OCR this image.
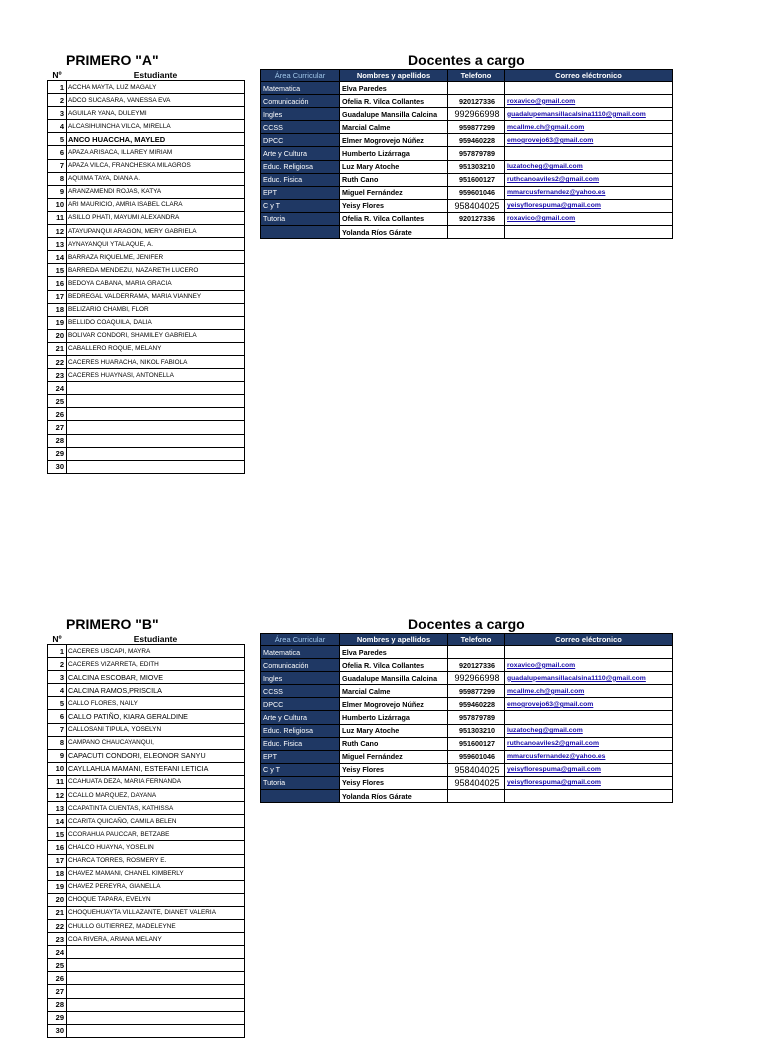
PRIMERO "A"	Docentes a cargo
Nº	Estudiante
1	ACCHA MAYTA, LUZ MAGALY
2	ADCO SUCASARA, VANESSA EVA
3	AGUILAR YANA, DULEYMI
4	ALCASIHUINCHA VILCA, MIRELLA
5	ANCO HUACCHA, MAYLED
6	APAZA ARISACA, ILLAREY MIRIAM
7	APAZA VILCA, FRANCHESKA MILAGROS
8	AQUIMA TAYA, DIANA A.
9	ARANZAMENDI ROJAS, KATYA
10	ARI MAURICIO, AMRIA ISABEL CLARA
11	ASILLO PHATI, MAYUMI ALEXANDRA
12	ATAYUPANQUI ARAGON, MERY GABRIELA
13	AYNAYANQUI YTALAQUE, A.
14	BARRAZA RIQUELME, JENIFER
15	BARREDA MENDEZU, NAZARETH LUCERO
16	BEDOYA CABANA, MARIA GRACIA
17	BEDREGAL VALDERRAMA, MARIA VIANNEY
18	BELIZARIO CHAMBI, FLOR
19	BELLIDO COAQUILA, DALIA
20	BOLIVAR CONDORI, SHAMILEY GABRIELA
21	CABALLERO ROQUE, MELANY
22	CACERES HUARACHA, NIKOL FABIOLA
23	CACERES HUAYNASI, ANTONELLA
24	
25	
26	
27	
28	
29	
30	
Área Curricular	Nombres y apellidos	Telefono	Correo eléctronico
Matematica	Elva Paredes		
Comunicación	Ofelia R. Vilca Collantes	920127336	roxavico@gmail.com
Ingles	Guadalupe Mansilla Calcina	992966998	guadalupemansillacalsina1110@gmail.com
CCSS	Marcial Calme	959877299	mcallme.ch@gmail.com
DPCC	Elmer Mogrovejo Núñez	959460228	emogrovejo63@gmail.com
Arte y Cultura	Humberto Lizárraga	957879789	
Educ. Religiosa	Luz Mary Atoche	951303210	luzatocheg@gmail.com
Educ. Fisica	Ruth Cano	951600127	ruthcanoaviles2@gmail.com
EPT	Miguel Fernández	959601046	mmarcusfernandez@yahoo.es
C y T	Yeisy Flores	958404025	yeisyflorespuma@gmail.com
Tutoria	Ofelia R. Vilca Collantes	920127336	roxavico@gmail.com
	Yolanda Ríos Gárate		
PRIMERO "B"	Docentes a cargo
Nº	Estudiante
1	CACERES USCAPI, MAYRA
2	CACERES VIZARRETA, EDITH
3	CALCINA ESCOBAR, MIOVE
4	CALCINA RAMOS,PRISCILA
5	CALLO FLORES, NAILY
6	CALLO PATIÑO, KIARA GERALDINE
7	CALLOSANI TIPULA, YOSELYN
8	CAMPANO CHAUCAYANQUI,
9	CAPACUTI CONDORI, ELEONOR SANYU
10	CAYLLAHUA MAMANI, ESTEFANI LETICIA
11	CCAHUATA DEZA, MARIA FERNANDA
12	CCALLO MARQUEZ, DAYANA
13	CCAPATINTA CUENTAS, KATHISSA
14	CCARITA QUICAÑO, CAMILA BELEN
15	CCORAHUA PAUCCAR, BETZABE
16	CHALCO HUAYNA, YOSELIN
17	CHARCA TORRES, ROSMERY E.
18	CHAVEZ MAMANI, CHANEL KIMBERLY
19	CHAVEZ PEREYRA, GIANELLA
20	CHOQUE TAPARA, EVELYN
21	CHOQUEHUAYTA VILLAZANTE, DIANET VALERIA
22	CHULLO GUTIERREZ, MADELEYNE
23	COA RIVERA, ARIANA MELANY
24	
25	
26	
27	
28	
29	
30	
Área Curricular	Nombres y apellidos	Telefono	Correo eléctronico
Matematica	Elva Paredes		
Comunicación	Ofelia R. Vilca Collantes	920127336	roxavico@gmail.com
Ingles	Guadalupe Mansilla Calcina	992966998	guadalupemansillacalsina1110@gmail.com
CCSS	Marcial Calme	959877299	mcallme.ch@gmail.com
DPCC	Elmer Mogrovejo Núñez	959460228	emogrovejo63@gmail.com
Arte y Cultura	Humberto Lizárraga	957879789	
Educ. Religiosa	Luz Mary Atoche	951303210	luzatocheg@gmail.com
Educ. Fisica	Ruth Cano	951600127	ruthcanoaviles2@gmail.com
EPT	Miguel Fernández	959601046	mmarcusfernandez@yahoo.es
C y T	Yeisy Flores	958404025	yeisyflorespuma@gmail.com
Tutoria	Yeisy Flores	958404025	yeisyflorespuma@gmail.com
	Yolanda Ríos Gárate		
